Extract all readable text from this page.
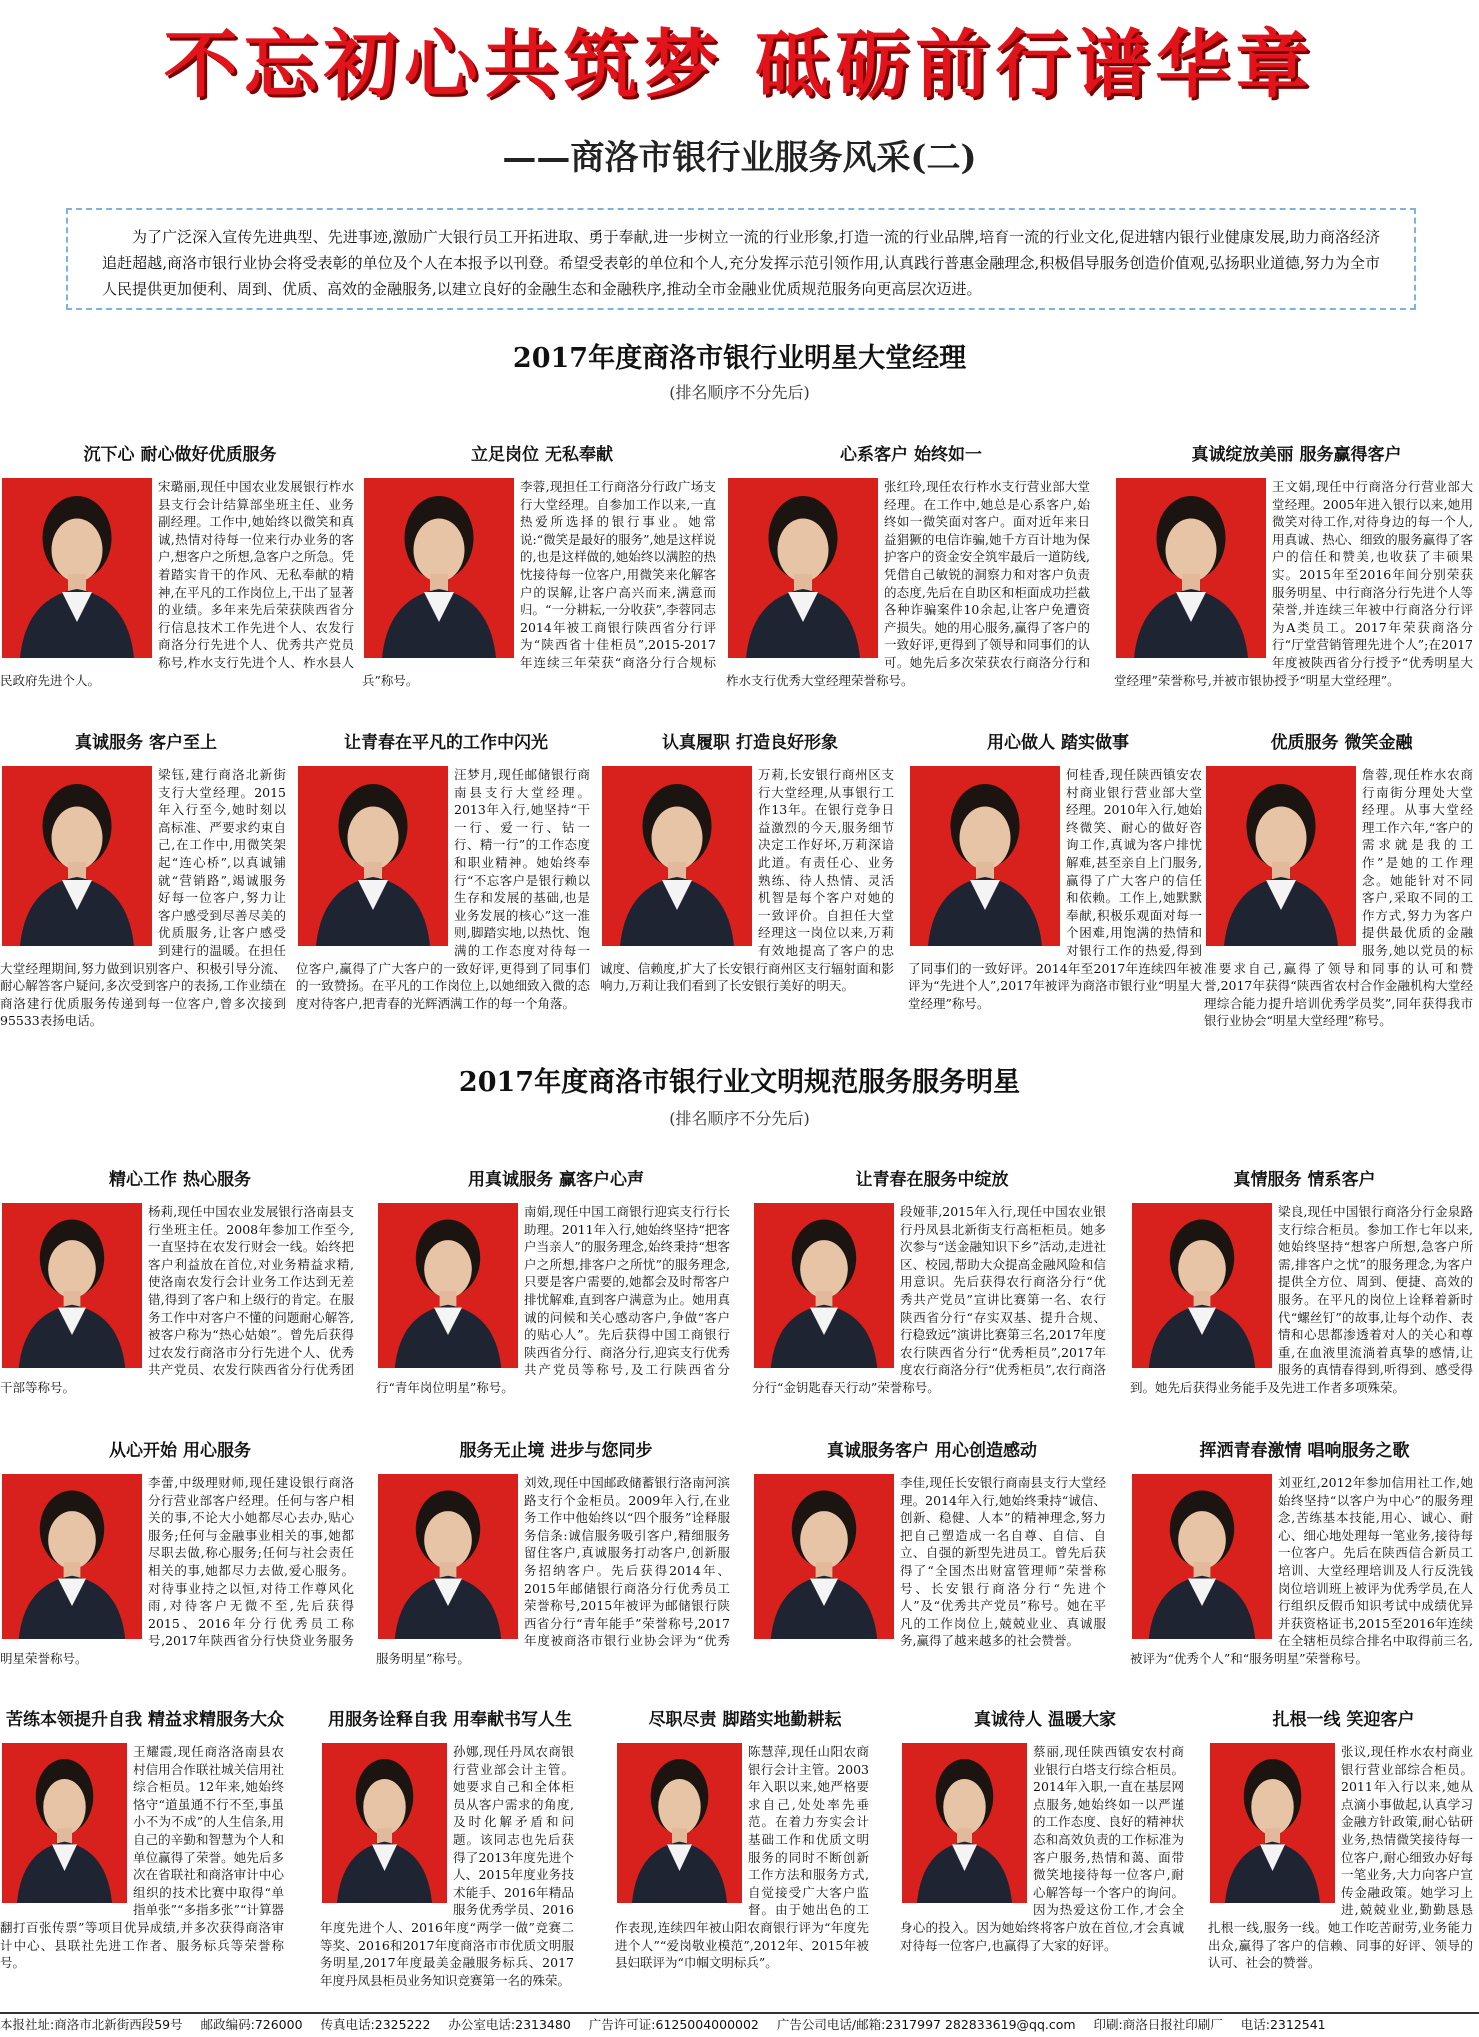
不忘初心共筑梦 砥砺前行谱华章
——商洛市银行业服务风采(二)
为了广泛深入宣传先进典型、先进事迹,激励广大银行员工开拓进取、勇于奉献,进一步树立一流的行业形象,打造一流的行业品牌,培育一流的行业文化,促进辖内银行业健康发展,助力商洛经济追赶超越,商洛市银行业协会将受表彰的单位及个人在本报予以刊登。希望受表彰的单位和个人,充分发挥示范引领作用,认真践行普惠金融理念,积极倡导服务创造价值观,弘扬职业道德,努力为全市人民提供更加便利、周到、优质、高效的金融服务,以建立良好的金融生态和金融秩序,推动全市金融业优质规范服务向更高层次迈进。
2017年度商洛市银行业明星大堂经理
(排名顺序不分先后)
2017年度商洛市银行业文明规范服务服务明星
(排名顺序不分先后)
沉下心 耐心做好优质服务
宋璐丽,现任中国农业发展银行柞水县支行会计结算部坐班主任、业务副经理。工作中,她始终以微笑和真诚,热情对待每一位来行办业务的客户,想客户之所想,急客户之所急。凭着踏实肯干的作风、无私奉献的精神,在平凡的工作岗位上,干出了显著的业绩。多年来先后荣获陕西省分行信息技术工作先进个人、农发行商洛分行先进个人、优秀共产党员称号,柞水支行先进个人、柞水县人民政府先进个人。
立足岗位 无私奉献
李蓉,现担任工行商洛分行政广场支行大堂经理。自参加工作以来,一直热爱所选择的银行事业。她常说:“微笑是最好的服务”,她是这样说的,也是这样做的,她始终以满腔的热忱接待每一位客户,用微笑来化解客户的误解,让客户高兴而来,满意而归。“一分耕耘,一分收获”,李蓉同志2014年被工商银行陕西省分行评为“陕西省十佳柜员”,2015-2017年连续三年荣获“商洛分行合规标兵”称号。
心系客户 始终如一
张红玲,现任农行柞水支行营业部大堂经理。在工作中,她总是心系客户,始终如一微笑面对客户。面对近年来日益猖獗的电信诈骗,她千方百计地为保护客户的资金安全筑牢最后一道防线,凭借自己敏锐的洞察力和对客户负责的态度,先后在自助区和柜面成功拦截各种诈骗案件10余起,让客户免遭资产损失。她的用心服务,赢得了客户的一致好评,更得到了领导和同事们的认可。她先后多次荣获农行商洛分行和柞水支行优秀大堂经理荣誉称号。
真诚绽放美丽 服务赢得客户
王文娟,现任中行商洛分行营业部大堂经理。2005年进入银行以来,她用微笑对待工作,对待身边的每一个人,用真诚、热心、细致的服务赢得了客户的信任和赞美,也收获了丰硕果实。2015年至2016年间分别荣获服务明星、中行商洛分行先进个人等荣誉,并连续三年被中行商洛分行评为A类员工。2017年荣获商洛分行“厅堂营销管理先进个人”;在2017年度被陕西省分行授予“优秀明星大堂经理”荣誉称号,并被市银协授予“明星大堂经理”。
真诚服务 客户至上
梁钰,建行商洛北新街支行大堂经理。2015年入行至今,她时刻以高标准、严要求约束自己,在工作中,用微笑架起“连心桥”,以真诚铺就“营销路”,竭诚服务好每一位客户,努力让客户感受到尽善尽美的优质服务,让客户感受到建行的温暖。在担任大堂经理期间,努力做到识别客户、积极引导分流、耐心解答客户疑问,多次受到客户的表扬,工作业绩在商洛建行优质服务传递到每一位客户,曾多次接到95533表扬电话。
让青春在平凡的工作中闪光
汪梦月,现任邮储银行商南县支行大堂经理。2013年入行,她坚持“干一行、爱一行、钻一行、精一行”的工作态度和职业精神。她始终奉行“不忘客户是银行赖以生存和发展的基础,也是业务发展的核心”这一准则,脚踏实地,以热忱、饱满的工作态度对待每一位客户,赢得了广大客户的一致好评,更得到了同事们的一致赞扬。在平凡的工作岗位上,以她细致入微的态度对待客户,把青春的光辉洒满工作的每一个角落。
认真履职 打造良好形象
万莉,长安银行商州区支行大堂经理,从事银行工作13年。在银行竞争日益激烈的今天,服务细节决定工作好坏,万莉深谙此道。有责任心、业务熟练、待人热情、灵活机智是每个客户对她的一致评价。自担任大堂经理这一岗位以来,万莉有效地提高了客户的忠诚度、信赖度,扩大了长安银行商州区支行辐射面和影响力,万莉让我们看到了长安银行美好的明天。
用心做人 踏实做事
何桂香,现任陕西镇安农村商业银行营业部大堂经理。2010年入行,她始终微笑、耐心的做好咨询工作,真诚为客户排忧解难,甚至亲自上门服务,赢得了广大客户的信任和依赖。工作上,她默默奉献,积极乐观面对每一个困难,用饱满的热情和对银行工作的热爱,得到了同事们的一致好评。2014年至2017年连续四年被评为“先进个人”,2017年被评为商洛市银行业“明星大堂经理”称号。
优质服务 微笑金融
詹蓉,现任柞水农商行南街分理处大堂经理。从事大堂经理工作六年,“客户的需求就是我的工作”是她的工作理念。她能针对不同客户,采取不同的工作方式,努力为客户提供最优质的金融服务,她以党员的标准要求自己,赢得了领导和同事的认可和赞誉,2017年获得“陕西省农村合作金融机构大堂经理综合能力提升培训优秀学员奖”,同年获得我市银行业协会“明星大堂经理”称号。
精心工作 热心服务
杨莉,现任中国农业发展银行洛南县支行坐班主任。2008年参加工作至今,一直坚持在农发行财会一线。始终把客户利益放在首位,对业务精益求精,使洛南农发行会计业务工作达到无差错,得到了客户和上级行的肯定。在服务工作中对客户不懂的问题耐心解答,被客户称为“热心姑娘”。曾先后获得过农发行商洛市分行先进个人、优秀共产党员、农发行陕西省分行优秀团干部等称号。
用真诚服务 赢客户心声
南娟,现任中国工商银行迎宾支行行长助理。2011年入行,她始终坚持“把客户当亲人”的服务理念,始终秉持“想客户之所想,排客户之所忧”的服务理念,只要是客户需要的,她都会及时帮客户排忧解难,直到客户满意为止。她用真诚的问候和关心感动客户,争做“客户的贴心人”。先后获得中国工商银行陕西省分行、商洛分行,迎宾支行优秀共产党员等称号,及工行陕西省分行“青年岗位明星”称号。
让青春在服务中绽放
段娅菲,2015年入行,现任中国农业银行丹凤县北新街支行高柜柜员。她多次参与“送金融知识下乡”活动,走进社区、校园,帮助大众提高金融风险和信用意识。先后获得农行商洛分行“优秀共产党员”宣讲比赛第一名、农行陕西省分行“存实双基、提升合规、行稳致远”演讲比赛第三名,2017年度农行陕西省分行“优秀柜员”,2017年度农行商洛分行“优秀柜员”,农行商洛分行“金钥匙春天行动”荣誉称号。
真情服务 情系客户
梁良,现任中国银行商洛分行金泉路支行综合柜员。参加工作七年以来,她始终坚持“想客户所想,急客户所需,排客户之忧”的服务理念,为客户提供全方位、周到、便捷、高效的服务。在平凡的岗位上诠释着新时代“螺丝钉”的故事,让每个动作、表情和心思都渗透着对人的关心和尊重,在血液里流淌着真挚的感情,让服务的真情春得到,听得到、感受得到。她先后获得业务能手及先进工作者多项殊荣。
从心开始 用心服务
李蕾,中级理财师,现任建设银行商洛分行营业部客户经理。任何与客户相关的事,不论大小她都尽心去办,贴心服务;任何与金融事业相关的事,她都尽职去做,称心服务;任何与社会责任相关的事,她都尽力去做,爱心服务。对待事业持之以恒,对待工作尊风化雨,对待客户无微不至,先后获得2015、2016年分行优秀员工称号,2017年陕西省分行快贷业务服务明星荣誉称号。
服务无止境 进步与您同步
刘效,现任中国邮政储蓄银行洛南河滨路支行个金柜员。2009年入行,在业务工作中他始终以“四个服务”诠释服务信条:诚信服务吸引客户,精细服务留住客户,真诚服务打动客户,创新服务招纳客户。先后获得2014年、2015年邮储银行商洛分行优秀员工荣誉称号,2015年被评为邮储银行陕西省分行“青年能手”荣誉称号,2017年度被商洛市银行业协会评为“优秀服务明星”称号。
真诚服务客户 用心创造感动
李佳,现任长安银行商南县支行大堂经理。2014年入行,她始终秉持“诚信、创新、稳健、人本”的精神理念,努力把自己塑造成一名自尊、自信、自立、自强的新型先进员工。曾先后获得了“全国杰出财富管理师”荣誉称号、长安银行商洛分行“先进个人”及“优秀共产党员”称号。她在平凡的工作岗位上,兢兢业业、真诚服务,赢得了越来越多的社会赞誉。
挥洒青春激情 唱响服务之歌
刘亚红,2012年参加信用社工作,她始终坚持“以客户为中心”的服务理念,苦练基本技能,用心、诚心、耐心、细心地处理每一笔业务,接待每一位客户。先后在陕西信合新员工培训、大堂经理培训及人行反洗钱岗位培训班上被评为优秀学员,在人行组织反假币知识考试中成绩优异并获资格证书,2015至2016年连续在全辖柜员综合排名中取得前三名,被评为“优秀个人”和“服务明星”荣誉称号。
苦练本领提升自我 精益求精服务大众
王耀霞,现任商洛洛南县农村信用合作联社城关信用社综合柜员。12年来,她始终恪守“道虽通不行不至,事虽小不为不成”的人生信条,用自己的辛勤和智慧为个人和单位赢得了荣誉。她先后多次在省联社和商洛审计中心组织的技术比赛中取得“单指单张”“多指多张”“计算器翻打百张传票”等项目优异成绩,并多次获得商洛审计中心、县联社先进工作者、服务标兵等荣誉称号。
用服务诠释自我 用奉献书写人生
孙娜,现任丹凤农商银行营业部会计主管。她要求自己和全体柜员从客户需求的角度,及时化解矛盾和问题。该同志也先后获得了2013年度先进个人、2015年度业务技术能手、2016年精品服务优秀学员、2016年度先进个人、2016年度“两学一做”竞赛二等奖、2016和2017年度商洛市市优质文明服务明星,2017年度最美金融服务标兵、2017年度丹凤县柜员业务知识竞赛第一名的殊荣。
尽职尽责 脚踏实地勤耕耘
陈慧萍,现任山阳农商银行会计主管。2003年入职以来,她严格要求自己,处处率先垂范。在着力夯实会计基础工作和优质文明服务的同时不断创新工作方法和服务方式,自觉接受广大客户监督。由于她出色的工作表现,连续四年被山阳农商银行评为“年度先进个人”“爱岗敬业模范”,2012年、2015年被县妇联评为“巾帼文明标兵”。
真诚待人 温暖大家
蔡丽,现任陕西镇安农村商业银行白塔支行综合柜员。2014年入职,一直在基层网点服务,她始终如一以严谨的工作态度、良好的精神状态和高效负责的工作标准为客户服务,热情和蔼、面带微笑地接待每一位客户,耐心解答每一个客户的询问。因为热爱这份工作,才会全身心的投入。因为她始终将客户放在首位,才会真诚对待每一位客户,也赢得了大家的好评。
扎根一线 笑迎客户
张议,现任柞水农村商业银行营业部综合柜员。2011年入行以来,她从点滴小事做起,认真学习金融方针政策,耐心钻研业务,热情微笑接待每一位客户,耐心细致办好每一笔业务,大力向客户宣传金融政策。她学习上进,兢兢业业,勤勤恳恳扎根一线,服务一线。她工作吃苦耐劳,业务能力出众,赢得了客户的信赖、同事的好评、领导的认可、社会的赞誉。
本报社址:商洛市北新街西段59号 邮政编码:726000 传真电话:2325222 办公室电话:2313480 广告许可证:6125004000002 广告公司电话/邮箱:2317997 282833619@qq.com 印刷:商洛日报社印刷厂 电话:2312541
